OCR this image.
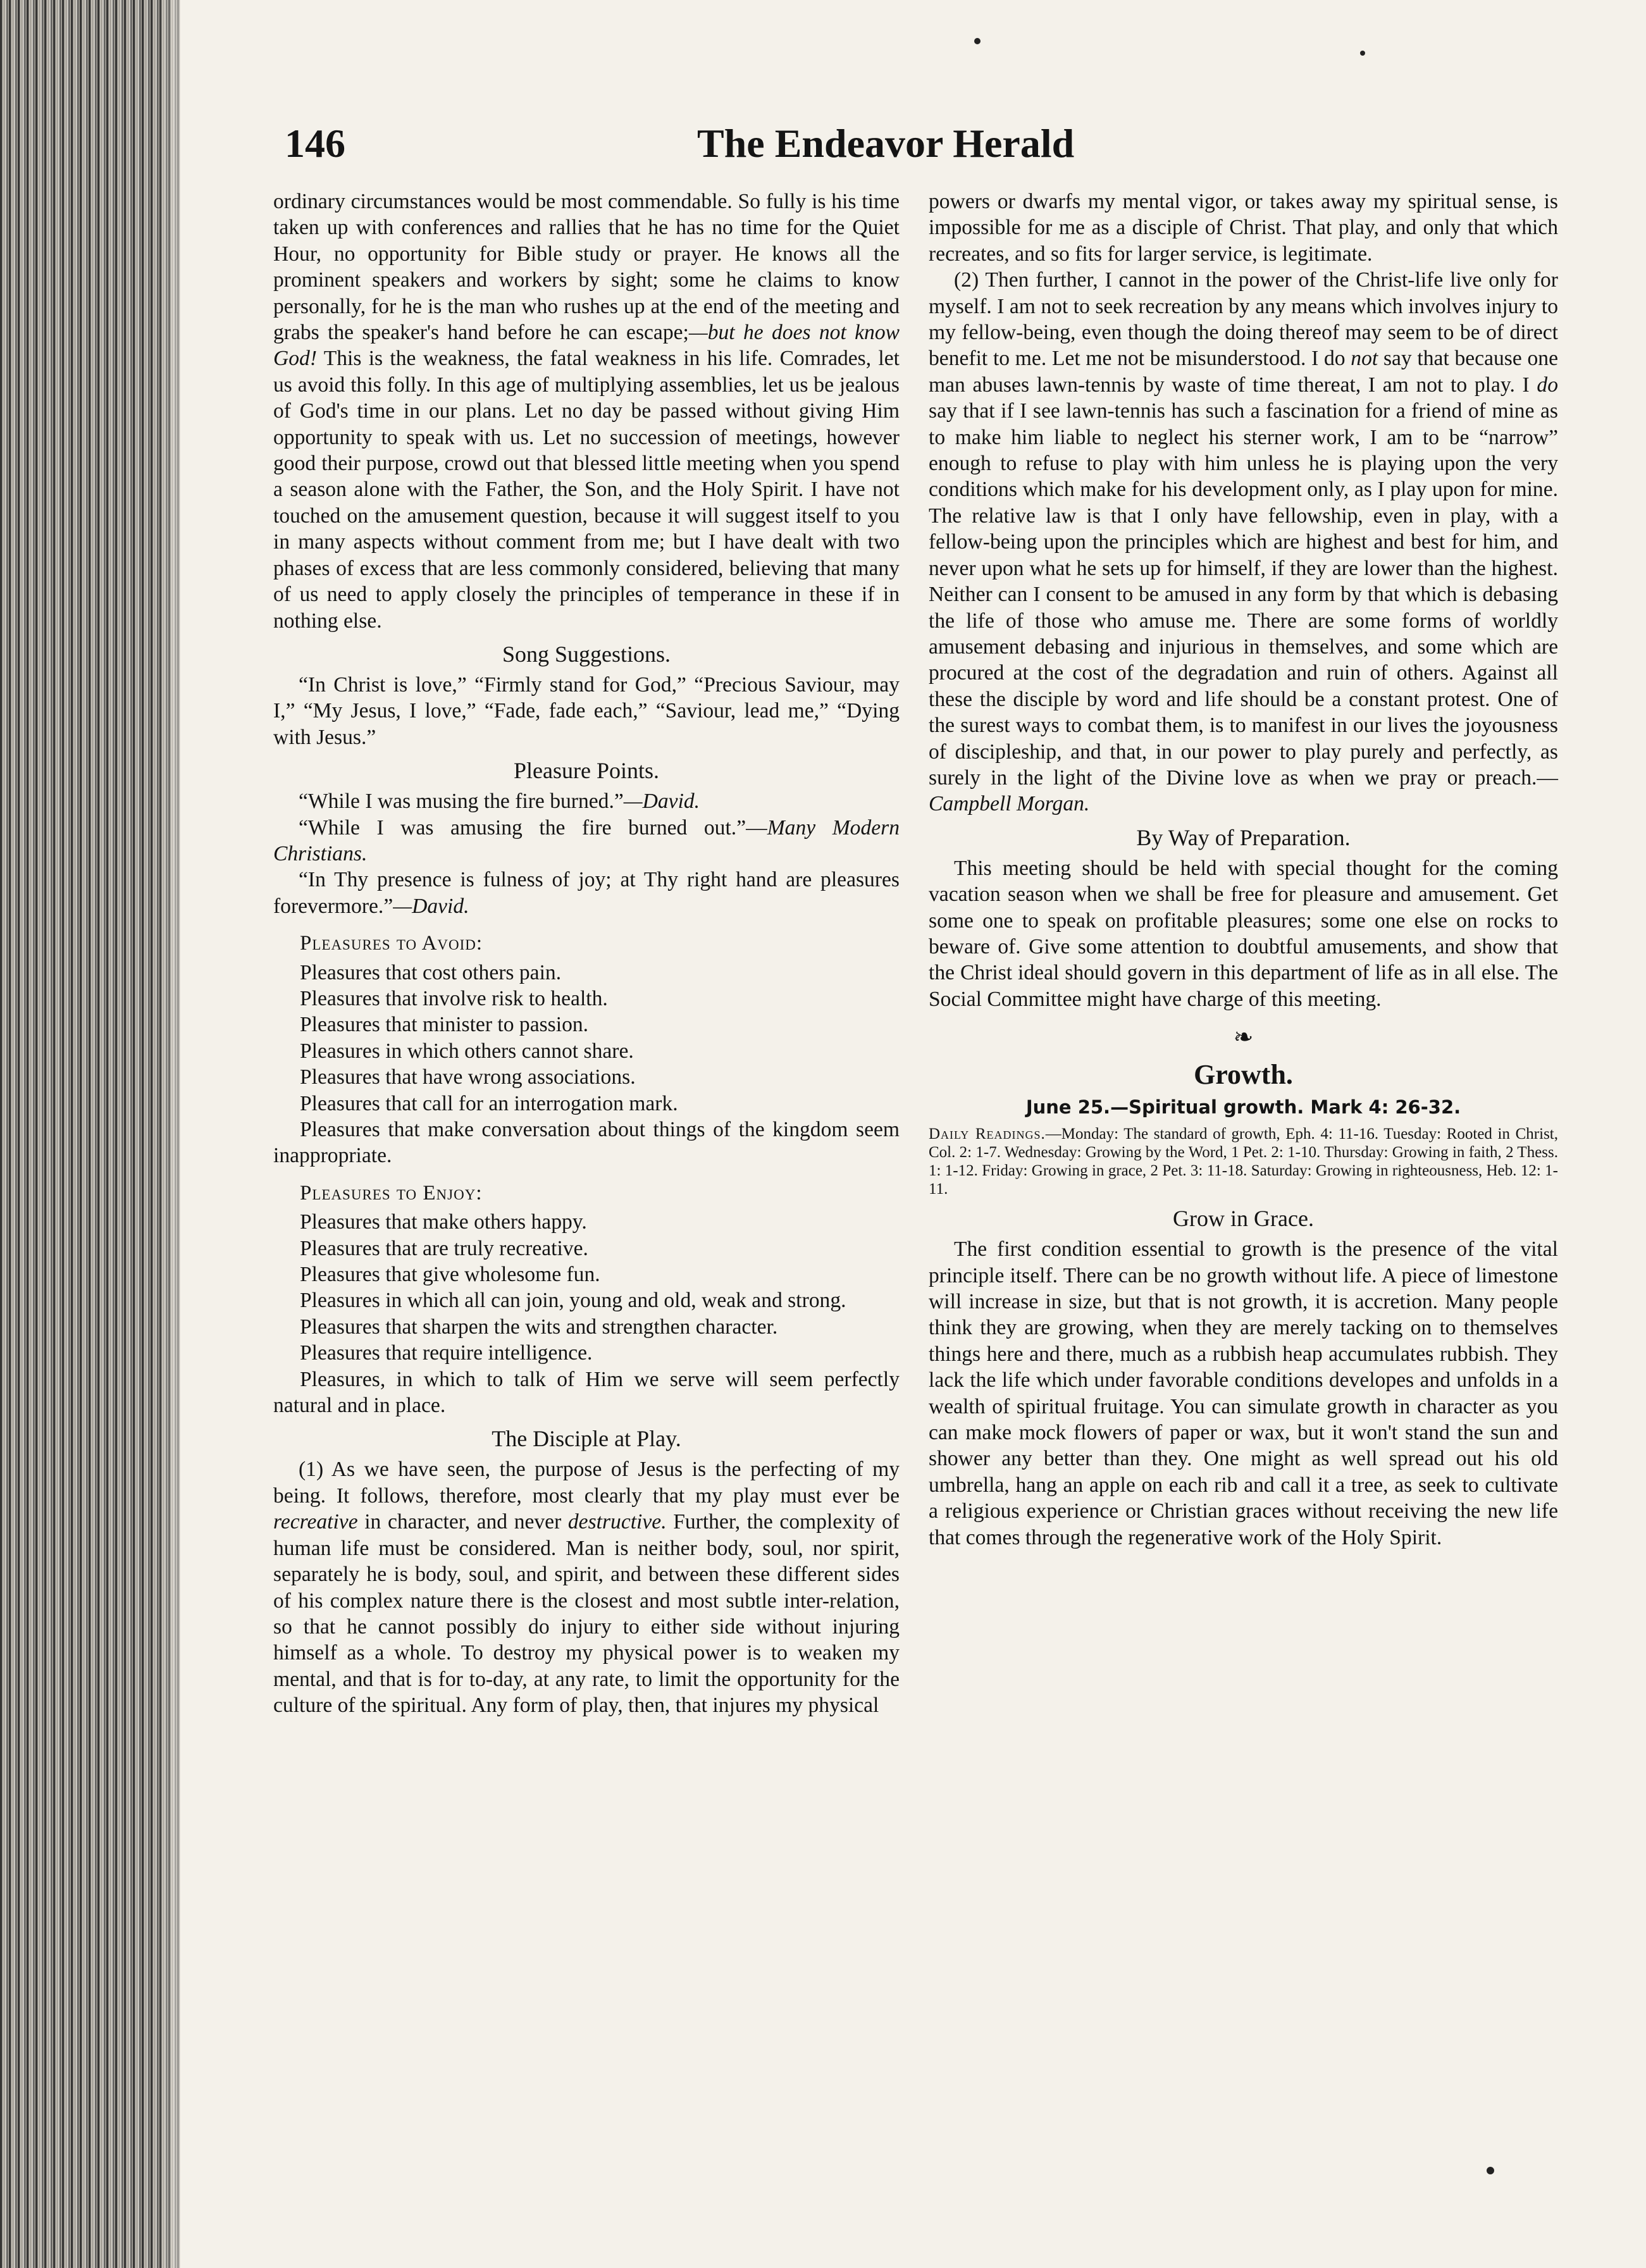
146	The Endeavor Herald

ordinary circumstances would be most commendable. So fully is his time taken up with conferences and rallies that he has no time for the Quiet Hour, no opportunity for Bible study or prayer. He knows all the prominent speakers and workers by sight; some he claims to know personally, for he is the man who rushes up at the end of the meeting and grabs the speaker's hand before he can escape;—but he does not know God! This is the weakness, the fatal weakness in his life. Comrades, let us avoid this folly. In this age of multiplying assemblies, let us be jealous of God's time in our plans. Let no day be passed without giving Him opportunity to speak with us. Let no succession of meetings, however good their purpose, crowd out that blessed little meeting when you spend a season alone with the Father, the Son, and the Holy Spirit. I have not touched on the amusement question, because it will suggest itself to you in many aspects without comment from me; but I have dealt with two phases of excess that are less commonly considered, believing that many of us need to apply closely the principles of temperance in these if in nothing else.

Song Suggestions.

“In Christ is love,” “Firmly stand for God,” “Precious Saviour, may I,” “My Jesus, I love,” “Fade, fade each,” “Saviour, lead me,” “Dying with Jesus.”

Pleasure Points.

“While I was musing the fire burned.”—David.

“While I was amusing the fire burned out.”—Many Modern Christians.

“In Thy presence is fulness of joy; at Thy right hand are pleasures forevermore.”—David.

Pleasures to Avoid:
Pleasures that cost others pain.
Pleasures that involve risk to health.
Pleasures that minister to passion.
Pleasures in which others cannot share.
Pleasures that have wrong associations.
Pleasures that call for an interrogation mark.
Pleasures that make conversation about things of the kingdom seem inappropriate.
Pleasures to Enjoy:
Pleasures that make others happy.
Pleasures that are truly recreative.
Pleasures that give wholesome fun.
Pleasures in which all can join, young and old, weak and strong.
Pleasures that sharpen the wits and strengthen character.
Pleasures that require intelligence.
Pleasures, in which to talk of Him we serve will seem perfectly natural and in place.
The Disciple at Play.

(1) As we have seen, the purpose of Jesus is the perfecting of my being. It follows, therefore, most clearly that my play must ever be recreative in character, and never destructive. Further, the complexity of human life must be considered. Man is neither body, soul, nor spirit, separately he is body, soul, and spirit, and between these different sides of his complex nature there is the closest and most subtle inter-relation, so that he cannot possibly do injury to either side without injuring himself as a whole. To destroy my physical power is to weaken my mental, and that is for to-day, at any rate, to limit the opportunity for the culture of the spiritual. Any form of play, then, that injures my physical

powers or dwarfs my mental vigor, or takes away my spiritual sense, is impossible for me as a disciple of Christ. That play, and only that which recreates, and so fits for larger service, is legitimate.

(2) Then further, I cannot in the power of the Christ-life live only for myself. I am not to seek recreation by any means which involves injury to my fellow-being, even though the doing thereof may seem to be of direct benefit to me. Let me not be misunderstood. I do not say that because one man abuses lawn-tennis by waste of time thereat, I am not to play. I do say that if I see lawn-tennis has such a fascination for a friend of mine as to make him liable to neglect his sterner work, I am to be “narrow” enough to refuse to play with him unless he is playing upon the very conditions which make for his development only, as I play upon for mine. The relative law is that I only have fellowship, even in play, with a fellow-being upon the principles which are highest and best for him, and never upon what he sets up for himself, if they are lower than the highest. Neither can I consent to be amused in any form by that which is debasing the life of those who amuse me. There are some forms of worldly amusement debasing and injurious in themselves, and some which are procured at the cost of the degradation and ruin of others. Against all these the disciple by word and life should be a constant protest. One of the surest ways to combat them, is to manifest in our lives the joyousness of discipleship, and that, in our power to play purely and perfectly, as surely in the light of the Divine love as when we pray or preach.—Campbell Morgan.

By Way of Preparation.

This meeting should be held with special thought for the coming vacation season when we shall be free for pleasure and amusement. Get some one to speak on profitable pleasures; some one else on rocks to beware of. Give some attention to doubtful amusements, and show that the Christ ideal should govern in this department of life as in all else. The Social Committee might have charge of this meeting.

❧
Growth.
June 25.—Spiritual growth. Mark 4: 26-32.

Daily Readings.—Monday: The standard of growth, Eph. 4: 11-16. Tuesday: Rooted in Christ, Col. 2: 1-7. Wednesday: Growing by the Word, 1 Pet. 2: 1-10. Thursday: Growing in faith, 2 Thess. 1: 1-12. Friday: Growing in grace, 2 Pet. 3: 11-18. Saturday: Growing in righteousness, Heb. 12: 1-11.

Grow in Grace.

The first condition essential to growth is the presence of the vital principle itself. There can be no growth without life. A piece of limestone will increase in size, but that is not growth, it is accretion. Many people think they are growing, when they are merely tacking on to themselves things here and there, much as a rubbish heap accumulates rubbish. They lack the life which under favorable conditions developes and unfolds in a wealth of spiritual fruitage. You can simulate growth in character as you can make mock flowers of paper or wax, but it won't stand the sun and shower any better than they. One might as well spread out his old umbrella, hang an apple on each rib and call it a tree, as seek to cultivate a religious experience or Christian graces without receiving the new life that comes through the regenerative work of the Holy Spirit.
